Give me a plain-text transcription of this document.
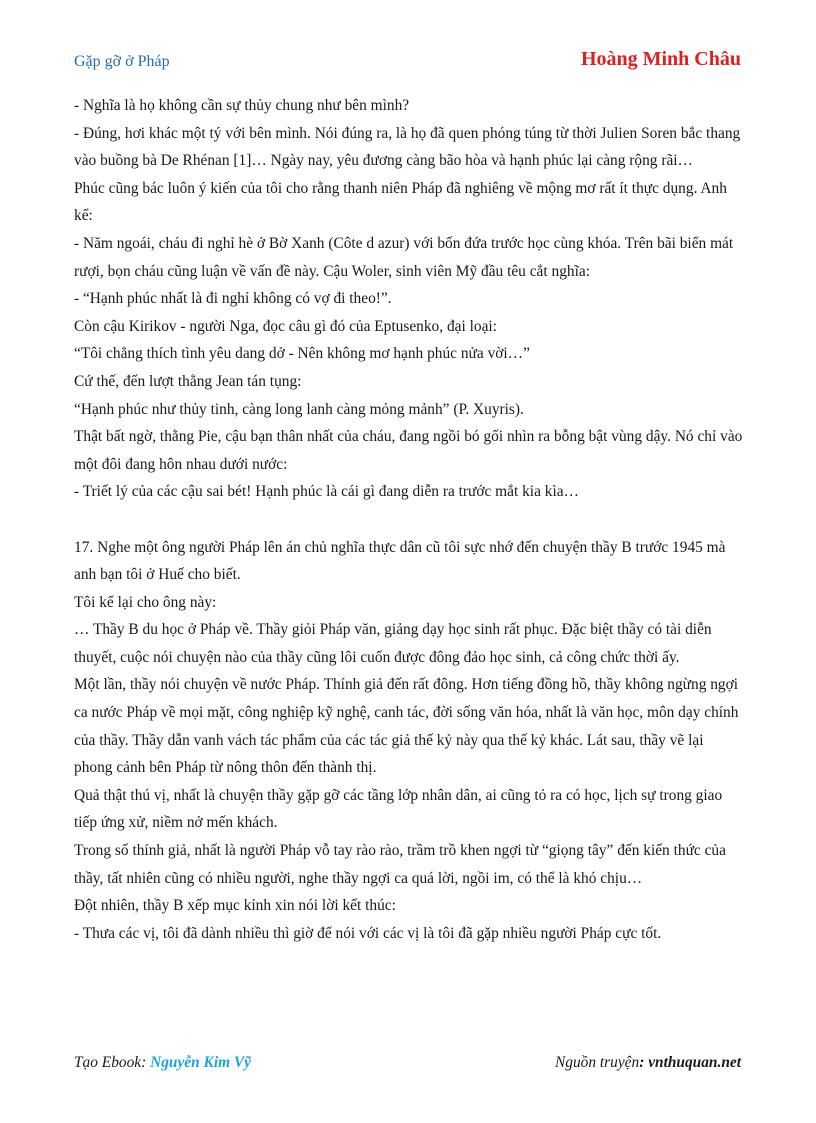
Gặp gỡ ở Pháp	Hoàng Minh Châu

- Nghĩa là họ không cần sự thủy chung như bên mình?

- Đúng, hơi khác một tý với bên mình. Nói đúng ra, là họ đã quen phóng túng từ thời Julien Soren bắc thang vào buồng bà De Rhénan [1]… Ngày nay, yêu đương càng bão hòa và hạnh phúc lại càng rộng rãi…

Phúc cũng bác luôn ý kiến của tôi cho rằng thanh niên Pháp đã nghiêng về mộng mơ rất ít thực dụng. Anh kể:

- Năm ngoái, cháu đi nghỉ hè ở Bờ Xanh (Côte d azur) với bốn đứa trước học cùng khóa. Trên bãi biển mát rượi, bọn cháu cũng luận về vấn đề này. Cậu Woler, sinh viên Mỹ đầu têu cắt nghĩa:

- “Hạnh phúc nhất là đi nghỉ không có vợ đi theo!”.

Còn cậu Kirikov - người Nga, đọc câu gì đó của Eptusenko, đại loại:

“Tôi chẳng thích tình yêu dang dở - Nên không mơ hạnh phúc nửa vời…”

Cứ thế, đến lượt thằng Jean tán tụng:

“Hạnh phúc như thủy tinh, càng long lanh càng mỏng mảnh” (P. Xuyris).

Thật bất ngờ, thằng Pie, cậu bạn thân nhất của cháu, đang ngồi bó gối nhìn ra bỗng bật vùng dậy. Nó chỉ vào một đôi đang hôn nhau dưới nước:

- Triết lý của các cậu sai bét! Hạnh phúc là cái gì đang diễn ra trước mắt kia kìa…

17. Nghe một ông người Pháp lên án chủ nghĩa thực dân cũ tôi sực nhớ đến chuyện thầy B trước 1945 mà anh bạn tôi ở Huế cho biết.

Tôi kể lại cho ông này:

… Thầy B du học ở Pháp về. Thầy giỏi Pháp văn, giảng dạy học sinh rất phục. Đặc biệt thầy có tài diễn thuyết, cuộc nói chuyện nào của thầy cũng lôi cuốn được đông đảo học sinh, cả công chức thời ấy.

Một lần, thầy nói chuyện về nước Pháp. Thính giả đến rất đông. Hơn tiếng đồng hồ, thầy không ngừng ngợi ca nước Pháp về mọi mặt, công nghiệp kỹ nghệ, canh tác, đời sống văn hóa, nhất là văn học, môn dạy chính của thầy. Thầy dẫn vanh vách tác phẩm của các tác giả thế kỷ này qua thế kỷ khác. Lát sau, thầy vẽ lại phong cảnh bên Pháp từ nông thôn đến thành thị.

Quả thật thú vị, nhất là chuyện thầy gặp gỡ các tầng lớp nhân dân, ai cũng tỏ ra có học, lịch sự trong giao tiếp ứng xử, niềm nở mến khách.

Trong số thính giả, nhất là người Pháp vỗ tay rào rào, trầm trồ khen ngợi từ “giọng tây” đến kiến thức của thầy, tất nhiên cũng có nhiều người, nghe thầy ngợi ca quá lời, ngồi im, có thể là khó chịu…

Đột nhiên, thầy B xếp mục kỉnh xin nói lời kết thúc:

- Thưa các vị, tôi đã dành nhiều thì giờ để nói với các vị là tôi đã gặp nhiều người Pháp cực tốt.

Tạo Ebook: Nguyễn Kim Vỹ	Nguồn truyện: vnthuquan.net
